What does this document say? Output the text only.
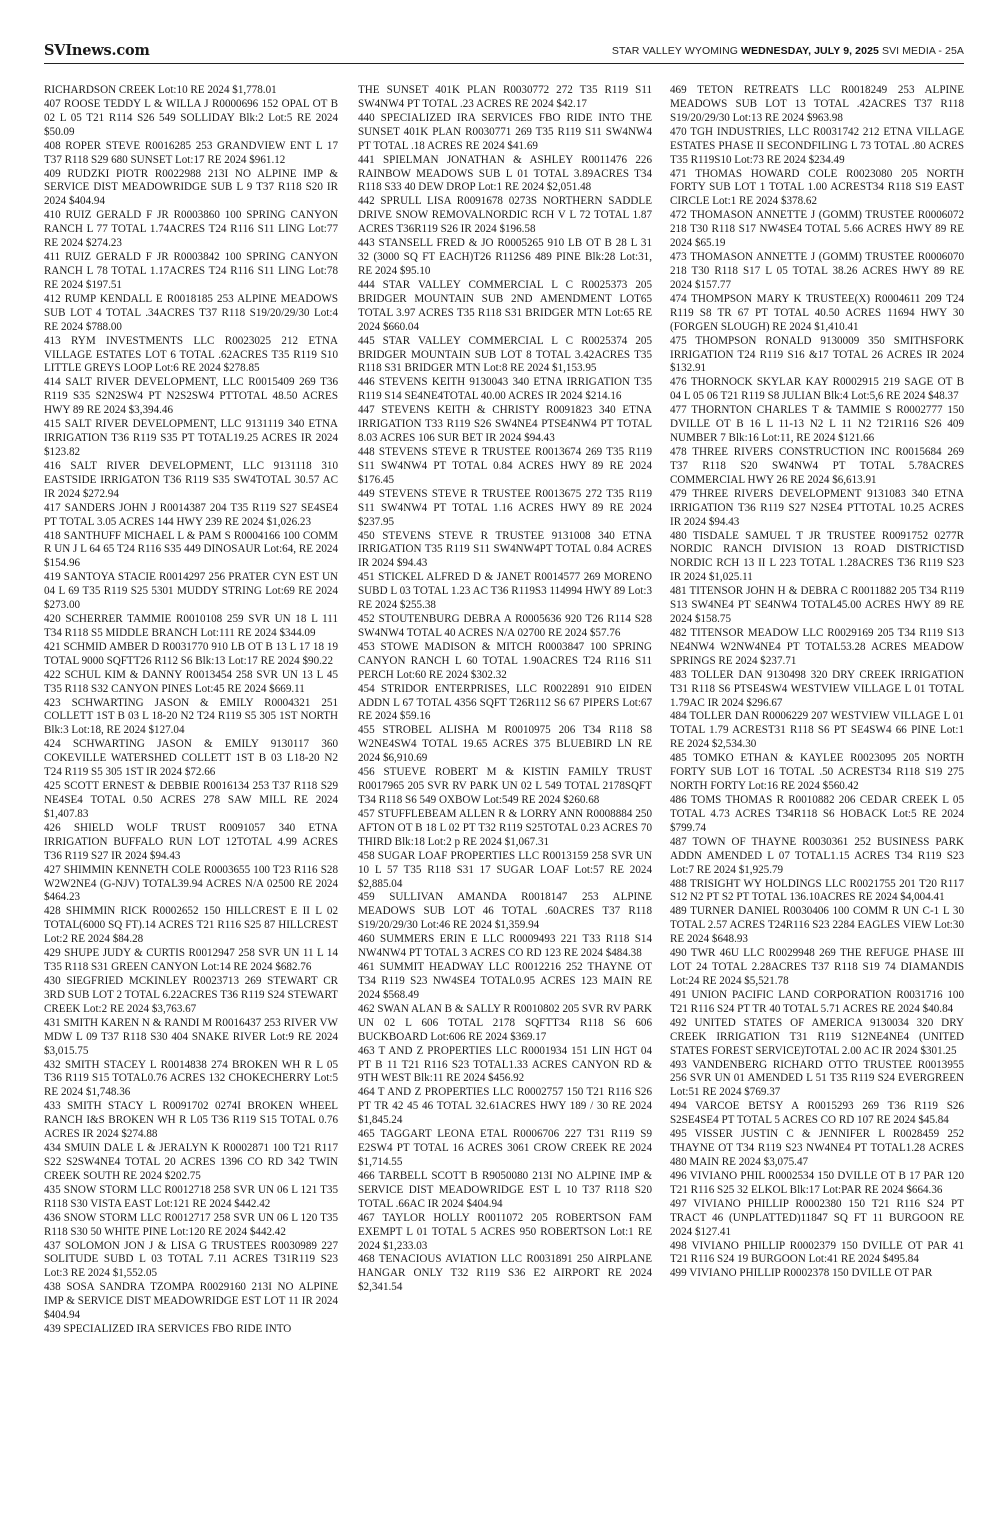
SVInews.com	STAR VALLEY WYOMING WEDNESDAY, JULY 9, 2025 SVI MEDIA - 25A

RICHARDSON CREEK Lot:10 RE 2024 $1,778.01

407 ROOSE TEDDY L & WILLA J R0000696 152 OPAL OT B 02 L 05 T21 R114 S26 549 SOLLIDAY Blk:2 Lot:5 RE 2024 $50.09

408 ROPER STEVE R0016285 253 GRANDVIEW ENT L 17 T37 R118 S29 680 SUNSET Lot:17 RE 2024 $961.12

409 RUDZKI PIOTR R0022988 213I NO ALPINE IMP & SERVICE DIST MEADOWRIDGE SUB L 9 T37 R118 S20 IR 2024 $404.94

410 RUIZ GERALD F JR R0003860 100 SPRING CANYON RANCH L 77 TOTAL 1.74ACRES T24 R116 S11 LING Lot:77 RE 2024 $274.23

411 RUIZ GERALD F JR R0003842 100 SPRING CANYON RANCH L 78 TOTAL 1.17ACRES T24 R116 S11 LING Lot:78 RE 2024 $197.51

412 RUMP KENDALL E R0018185 253 ALPINE MEADOWS SUB LOT 4 TOTAL .34ACRES T37 R118 S19/20/29/30 Lot:4 RE 2024 $788.00

413 RYM INVESTMENTS LLC R0023025 212 ETNA VILLAGE ESTATES LOT 6 TOTAL .62ACRES T35 R119 S10 LITTLE GREYS LOOP Lot:6 RE 2024 $278.85

414 SALT RIVER DEVELOPMENT, LLC R0015409 269 T36 R119 S35 S2N2SW4 PT N2S2SW4 PTTOTAL 48.50 ACRES HWY 89 RE 2024 $3,394.46

415 SALT RIVER DEVELOPMENT, LLC 9131119 340 ETNA IRRIGATION T36 R119 S35 PT TOTAL19.25 ACRES IR 2024 $123.82

416 SALT RIVER DEVELOPMENT, LLC 9131118 310 EASTSIDE IRRIGATON T36 R119 S35 SW4TOTAL 30.57 AC IR 2024 $272.94

417 SANDERS JOHN J R0014387 204 T35 R119 S27 SE4SE4 PT TOTAL 3.05 ACRES 144 HWY 239 RE 2024 $1,026.23

418 SANTHUFF MICHAEL L & PAM S R0004166 100 COMM R UN J L 64 65 T24 R116 S35 449 DINOSAUR Lot:64, RE 2024 $154.96

419 SANTOYA STACIE R0014297 256 PRATER CYN EST UN 04 L 69 T35 R119 S25 5301 MUDDY STRING Lot:69 RE 2024 $273.00

420 SCHERRER TAMMIE R0010108 259 SVR UN 18 L 111 T34 R118 S5 MIDDLE BRANCH Lot:111 RE 2024 $344.09

421 SCHMID AMBER D R0031770 910 LB OT B 13 L 17 18 19 TOTAL 9000 SQFTT26 R112 S6 Blk:13 Lot:17 RE 2024 $90.22

422 SCHUL KIM & DANNY R0013454 258 SVR UN 13 L 45 T35 R118 S32 CANYON PINES Lot:45 RE 2024 $669.11

423 SCHWARTING JASON & EMILY R0004321 251 COLLETT 1ST B 03 L 18-20 N2 T24 R119 S5 305 1ST NORTH Blk:3 Lot:18, RE 2024 $127.04

424 SCHWARTING JASON & EMILY 9130117 360 COKEVILLE WATERSHED COLLETT 1ST B 03 L18-20 N2 T24 R119 S5 305 1ST IR 2024 $72.66

425 SCOTT ERNEST & DEBBIE R0016134 253 T37 R118 S29 NE4SE4 TOTAL 0.50 ACRES 278 SAW MILL RE 2024 $1,407.83

426 SHIELD WOLF TRUST R0091057 340 ETNA IRRIGATION BUFFALO RUN LOT 12TOTAL 4.99 ACRES T36 R119 S27 IR 2024 $94.43

427 SHIMMIN KENNETH COLE R0003655 100 T23 R116 S28 W2W2NE4 (G-NJV) TOTAL39.94 ACRES N/A 02500 RE 2024 $464.23

428 SHIMMIN RICK R0002652 150 HILLCREST E II L 02 TOTAL(6000 SQ FT).14 ACRES T21 R116 S25 87 HILLCREST Lot:2 RE 2024 $84.28

429 SHUPE JUDY & CURTIS R0012947 258 SVR UN 11 L 14 T35 R118 S31 GREEN CANYON Lot:14 RE 2024 $682.76

430 SIEGFRIED MCKINLEY R0023713 269 STEWART CR 3RD SUB LOT 2 TOTAL 6.22ACRES T36 R119 S24 STEWART CREEK Lot:2 RE 2024 $3,763.67

431 SMITH KAREN N & RANDI M R0016437 253 RIVER VW MDW L 09 T37 R118 S30 404 SNAKE RIVER Lot:9 RE 2024 $3,015.75

432 SMITH STACEY L R0014838 274 BROKEN WH R L 05 T36 R119 S15 TOTAL0.76 ACRES 132 CHOKECHERRY Lot:5 RE 2024 $1,748.36

433 SMITH STACY L R0091702 0274I BROKEN WHEEL RANCH I&S BROKEN WH R L05 T36 R119 S15 TOTAL 0.76 ACRES IR 2024 $274.88

434 SMUIN DALE L & JERALYN K R0002871 100 T21 R117 S22 S2SW4NE4 TOTAL 20 ACRES 1396 CO RD 342 TWIN CREEK SOUTH RE 2024 $202.75

435 SNOW STORM LLC R0012718 258 SVR UN 06 L 121 T35 R118 S30 VISTA EAST Lot:121 RE 2024 $442.42

436 SNOW STORM LLC R0012717 258 SVR UN 06 L 120 T35 R118 S30 50 WHITE PINE Lot:120 RE 2024 $442.42

437 SOLOMON JON J & LISA G TRUSTEES R0030989 227 SOLITUDE SUBD L 03 TOTAL 7.11 ACRES T31R119 S23 Lot:3 RE 2024 $1,552.05

438 SOSA SANDRA TZOMPA R0029160 213I NO ALPINE IMP & SERVICE DIST MEADOWRIDGE EST LOT 11 IR 2024 $404.94

439 SPECIALIZED IRA SERVICES FBO RIDE INTO

THE SUNSET 401K PLAN R0030772 272 T35 R119 S11 SW4NW4 PT TOTAL .23 ACRES RE 2024 $42.17

440 SPECIALIZED IRA SERVICES FBO RIDE INTO THE SUNSET 401K PLAN R0030771 269 T35 R119 S11 SW4NW4 PT TOTAL .18 ACRES RE 2024 $41.69

441 SPIELMAN JONATHAN & ASHLEY R0011476 226 RAINBOW MEADOWS SUB L 01 TOTAL 3.89ACRES T34 R118 S33 40 DEW DROP Lot:1 RE 2024 $2,051.48

442 SPRULL LISA R0091678 0273S NORTHERN SADDLE DRIVE SNOW REMOVALNORDIC RCH V L 72 TOTAL 1.87 ACRES T36R119 S26 IR 2024 $196.58

443 STANSELL FRED & JO R0005265 910 LB OT B 28 L 31 32 (3000 SQ FT EACH)T26 R112S6 489 PINE Blk:28 Lot:31, RE 2024 $95.10

444 STAR VALLEY COMMERCIAL L C R0025373 205 BRIDGER MOUNTAIN SUB 2ND AMENDMENT LOT65 TOTAL 3.97 ACRES T35 R118 S31 BRIDGER MTN Lot:65 RE 2024 $660.04

445 STAR VALLEY COMMERCIAL L C R0025374 205 BRIDGER MOUNTAIN SUB LOT 8 TOTAL 3.42ACRES T35 R118 S31 BRIDGER MTN Lot:8 RE 2024 $1,153.95

446 STEVENS KEITH 9130043 340 ETNA IRRIGATION T35 R119 S14 SE4NE4TOTAL 40.00 ACRES IR 2024 $214.16

447 STEVENS KEITH & CHRISTY R0091823 340 ETNA IRRIGATION T33 R119 S26 SW4NE4 PTSE4NW4 PT TOTAL 8.03 ACRES 106 SUR BET IR 2024 $94.43

448 STEVENS STEVE R TRUSTEE R0013674 269 T35 R119 S11 SW4NW4 PT TOTAL 0.84 ACRES HWY 89 RE 2024 $176.45

449 STEVENS STEVE R TRUSTEE R0013675 272 T35 R119 S11 SW4NW4 PT TOTAL 1.16 ACRES HWY 89 RE 2024 $237.95

450 STEVENS STEVE R TRUSTEE 9131008 340 ETNA IRRIGATION T35 R119 S11 SW4NW4PT TOTAL 0.84 ACRES IR 2024 $94.43

451 STICKEL ALFRED D & JANET R0014577 269 MORENO SUBD L 03 TOTAL 1.23 AC T36 R119S3 114994 HWY 89 Lot:3 RE 2024 $255.38

452 STOUTENBURG DEBRA A R0005636 920 T26 R114 S28 SW4NW4 TOTAL 40 ACRES N/A 02700 RE 2024 $57.76

453 STOWE MADISON & MITCH R0003847 100 SPRING CANYON RANCH L 60 TOTAL 1.90ACRES T24 R116 S11 PERCH Lot:60 RE 2024 $302.32

454 STRIDOR ENTERPRISES, LLC R0022891 910 EIDEN ADDN L 67 TOTAL 4356 SQFT T26R112 S6 67 PIPERS Lot:67 RE 2024 $59.16

455 STROBEL ALISHA M R0010975 206 T34 R118 S8 W2NE4SW4 TOTAL 19.65 ACRES 375 BLUEBIRD LN RE 2024 $6,910.69

456 STUEVE ROBERT M & KISTIN FAMILY TRUST R0017965 205 SVR RV PARK UN 02 L 549 TOTAL 2178SQFT T34 R118 S6 549 OXBOW Lot:549 RE 2024 $260.68

457 STUFFLEBEAM ALLEN R & LORRY ANN R0008884 250 AFTON OT B 18 L 02 PT T32 R119 S25TOTAL 0.23 ACRES 70 THIRD Blk:18 Lot:2 p RE 2024 $1,067.31

458 SUGAR LOAF PROPERTIES LLC R0013159 258 SVR UN 10 L 57 T35 R118 S31 17 SUGAR LOAF Lot:57 RE 2024 $2,885.04

459 SULLIVAN AMANDA R0018147 253 ALPINE MEADOWS SUB LOT 46 TOTAL .60ACRES T37 R118 S19/20/29/30 Lot:46 RE 2024 $1,359.94

460 SUMMERS ERIN E LLC R0009493 221 T33 R118 S14 NW4NW4 PT TOTAL 3 ACRES CO RD 123 RE 2024 $484.38

461 SUMMIT HEADWAY LLC R0012216 252 THAYNE OT T34 R119 S23 NW4SE4 TOTAL0.95 ACRES 123 MAIN RE 2024 $568.49

462 SWAN ALAN B & SALLY R R0010802 205 SVR RV PARK UN 02 L 606 TOTAL 2178 SQFTT34 R118 S6 606 BUCKBOARD Lot:606 RE 2024 $369.17

463 T AND Z PROPERTIES LLC R0001934 151 LIN HGT 04 PT B 11 T21 R116 S23 TOTAL1.33 ACRES CANYON RD & 9TH WEST Blk:11 RE 2024 $456.92

464 T AND Z PROPERTIES LLC R0002757 150 T21 R116 S26 PT TR 42 45 46 TOTAL 32.61ACRES HWY 189 / 30 RE 2024 $1,845.24

465 TAGGART LEONA ETAL R0006706 227 T31 R119 S9 E2SW4 PT TOTAL 16 ACRES 3061 CROW CREEK RE 2024 $1,714.55

466 TARBELL SCOTT B R9050080 213I NO ALPINE IMP & SERVICE DIST MEADOWRIDGE EST L 10 T37 R118 S20 TOTAL .66AC IR 2024 $404.94

467 TAYLOR HOLLY R0011072 205 ROBERTSON FAM EXEMPT L 01 TOTAL 5 ACRES 950 ROBERTSON Lot:1 RE 2024 $1,233.03

468 TENACIOUS AVIATION LLC R0031891 250 AIRPLANE HANGAR ONLY T32 R119 S36 E2 AIRPORT RE 2024 $2,341.54

469 TETON RETREATS LLC R0018249 253 ALPINE MEADOWS SUB LOT 13 TOTAL .42ACRES T37 R118 S19/20/29/30 Lot:13 RE 2024 $963.98

470 TGH INDUSTRIES, LLC R0031742 212 ETNA VILLAGE ESTATES PHASE II SECONDFILING L 73 TOTAL .80 ACRES T35 R119S10 Lot:73 RE 2024 $234.49

471 THOMAS HOWARD COLE R0023080 205 NORTH FORTY SUB LOT 1 TOTAL 1.00 ACREST34 R118 S19 EAST CIRCLE Lot:1 RE 2024 $378.62

472 THOMASON ANNETTE J (GOMM) TRUSTEE R0006072 218 T30 R118 S17 NW4SE4 TOTAL 5.66 ACRES HWY 89 RE 2024 $65.19

473 THOMASON ANNETTE J (GOMM) TRUSTEE R0006070 218 T30 R118 S17 L 05 TOTAL 38.26 ACRES HWY 89 RE 2024 $157.77

474 THOMPSON MARY K TRUSTEE(X) R0004611 209 T24 R119 S8 TR 67 PT TOTAL 40.50 ACRES 11694 HWY 30 (FORGEN SLOUGH) RE 2024 $1,410.41

475 THOMPSON RONALD 9130009 350 SMITHSFORK IRRIGATION T24 R119 S16 &17 TOTAL 26 ACRES IR 2024 $132.91

476 THORNOCK SKYLAR KAY R0002915 219 SAGE OT B 04 L 05 06 T21 R119 S8 JULIAN Blk:4 Lot:5,6 RE 2024 $48.37

477 THORNTON CHARLES T & TAMMIE S R0002777 150 DVILLE OT B 16 L 11-13 N2 L 11 N2 T21R116 S26 409 NUMBER 7 Blk:16 Lot:11, RE 2024 $121.66

478 THREE RIVERS CONSTRUCTION INC R0015684 269 T37 R118 S20 SW4NW4 PT TOTAL 5.78ACRES COMMERCIAL HWY 26 RE 2024 $6,613.91

479 THREE RIVERS DEVELOPMENT 9131083 340 ETNA IRRIGATION T36 R119 S27 N2SE4 PTTOTAL 10.25 ACRES IR 2024 $94.43

480 TISDALE SAMUEL T JR TRUSTEE R0091752 0277R NORDIC RANCH DIVISION 13 ROAD DISTRICTISD NORDIC RCH 13 II L 223 TOTAL 1.28ACRES T36 R119 S23 IR 2024 $1,025.11

481 TITENSOR JOHN H & DEBRA C R0011882 205 T34 R119 S13 SW4NE4 PT SE4NW4 TOTAL45.00 ACRES HWY 89 RE 2024 $158.75

482 TITENSOR MEADOW LLC R0029169 205 T34 R119 S13 NE4NW4 W2NW4NE4 PT TOTAL53.28 ACRES MEADOW SPRINGS RE 2024 $237.71

483 TOLLER DAN 9130498 320 DRY CREEK IRRIGATION T31 R118 S6 PTSE4SW4 WESTVIEW VILLAGE L 01 TOTAL 1.79AC IR 2024 $296.67

484 TOLLER DAN R0006229 207 WESTVIEW VILLAGE L 01 TOTAL 1.79 ACREST31 R118 S6 PT SE4SW4 66 PINE Lot:1 RE 2024 $2,534.30

485 TOMKO ETHAN & KAYLEE R0023095 205 NORTH FORTY SUB LOT 16 TOTAL .50 ACREST34 R118 S19 275 NORTH FORTY Lot:16 RE 2024 $560.42

486 TOMS THOMAS R R0010882 206 CEDAR CREEK L 05 TOTAL 4.73 ACRES T34R118 S6 HOBACK Lot:5 RE 2024 $799.74

487 TOWN OF THAYNE R0030361 252 BUSINESS PARK ADDN AMENDED L 07 TOTAL1.15 ACRES T34 R119 S23 Lot:7 RE 2024 $1,925.79

488 TRISIGHT WY HOLDINGS LLC R0021755 201 T20 R117 S12 N2 PT S2 PT TOTAL 136.10ACRES RE 2024 $4,004.41

489 TURNER DANIEL R0030406 100 COMM R UN C-1 L 30 TOTAL 2.57 ACRES T24R116 S23 2284 EAGLES VIEW Lot:30 RE 2024 $648.93

490 TWR 46U LLC R0029948 269 THE REFUGE PHASE III LOT 24 TOTAL 2.28ACRES T37 R118 S19 74 DIAMANDIS Lot:24 RE 2024 $5,521.78

491 UNION PACIFIC LAND CORPORATION R0031716 100 T21 R116 S24 PT TR 40 TOTAL 5.71 ACRES RE 2024 $40.84

492 UNITED STATES OF AMERICA 9130034 320 DRY CREEK IRRIGATION T31 R119 S12NE4NE4 (UNITED STATES FOREST SERVICE)TOTAL 2.00 AC IR 2024 $301.25

493 VANDENBERG RICHARD OTTO TRUSTEE R0013955 256 SVR UN 01 AMENDED L 51 T35 R119 S24 EVERGREEN Lot:51 RE 2024 $769.37

494 VARCOE BETSY A R0015293 269 T36 R119 S26 S2SE4SE4 PT TOTAL 5 ACRES CO RD 107 RE 2024 $45.84

495 VISSER JUSTIN C & JENNIFER L R0028459 252 THAYNE OT T34 R119 S23 NW4NE4 PT TOTAL1.28 ACRES 480 MAIN RE 2024 $3,075.47

496 VIVIANO PHIL R0002534 150 DVILLE OT B 17 PAR 120 T21 R116 S25 32 ELKOL Blk:17 Lot:PAR RE 2024 $664.36

497 VIVIANO PHILLIP R0002380 150 T21 R116 S24 PT TRACT 46 (UNPLATTED)11847 SQ FT 11 BURGOON RE 2024 $127.41

498 VIVIANO PHILLIP R0002379 150 DVILLE OT PAR 41 T21 R116 S24 19 BURGOON Lot:41 RE 2024 $495.84

499 VIVIANO PHILLIP R0002378 150 DVILLE OT PAR
